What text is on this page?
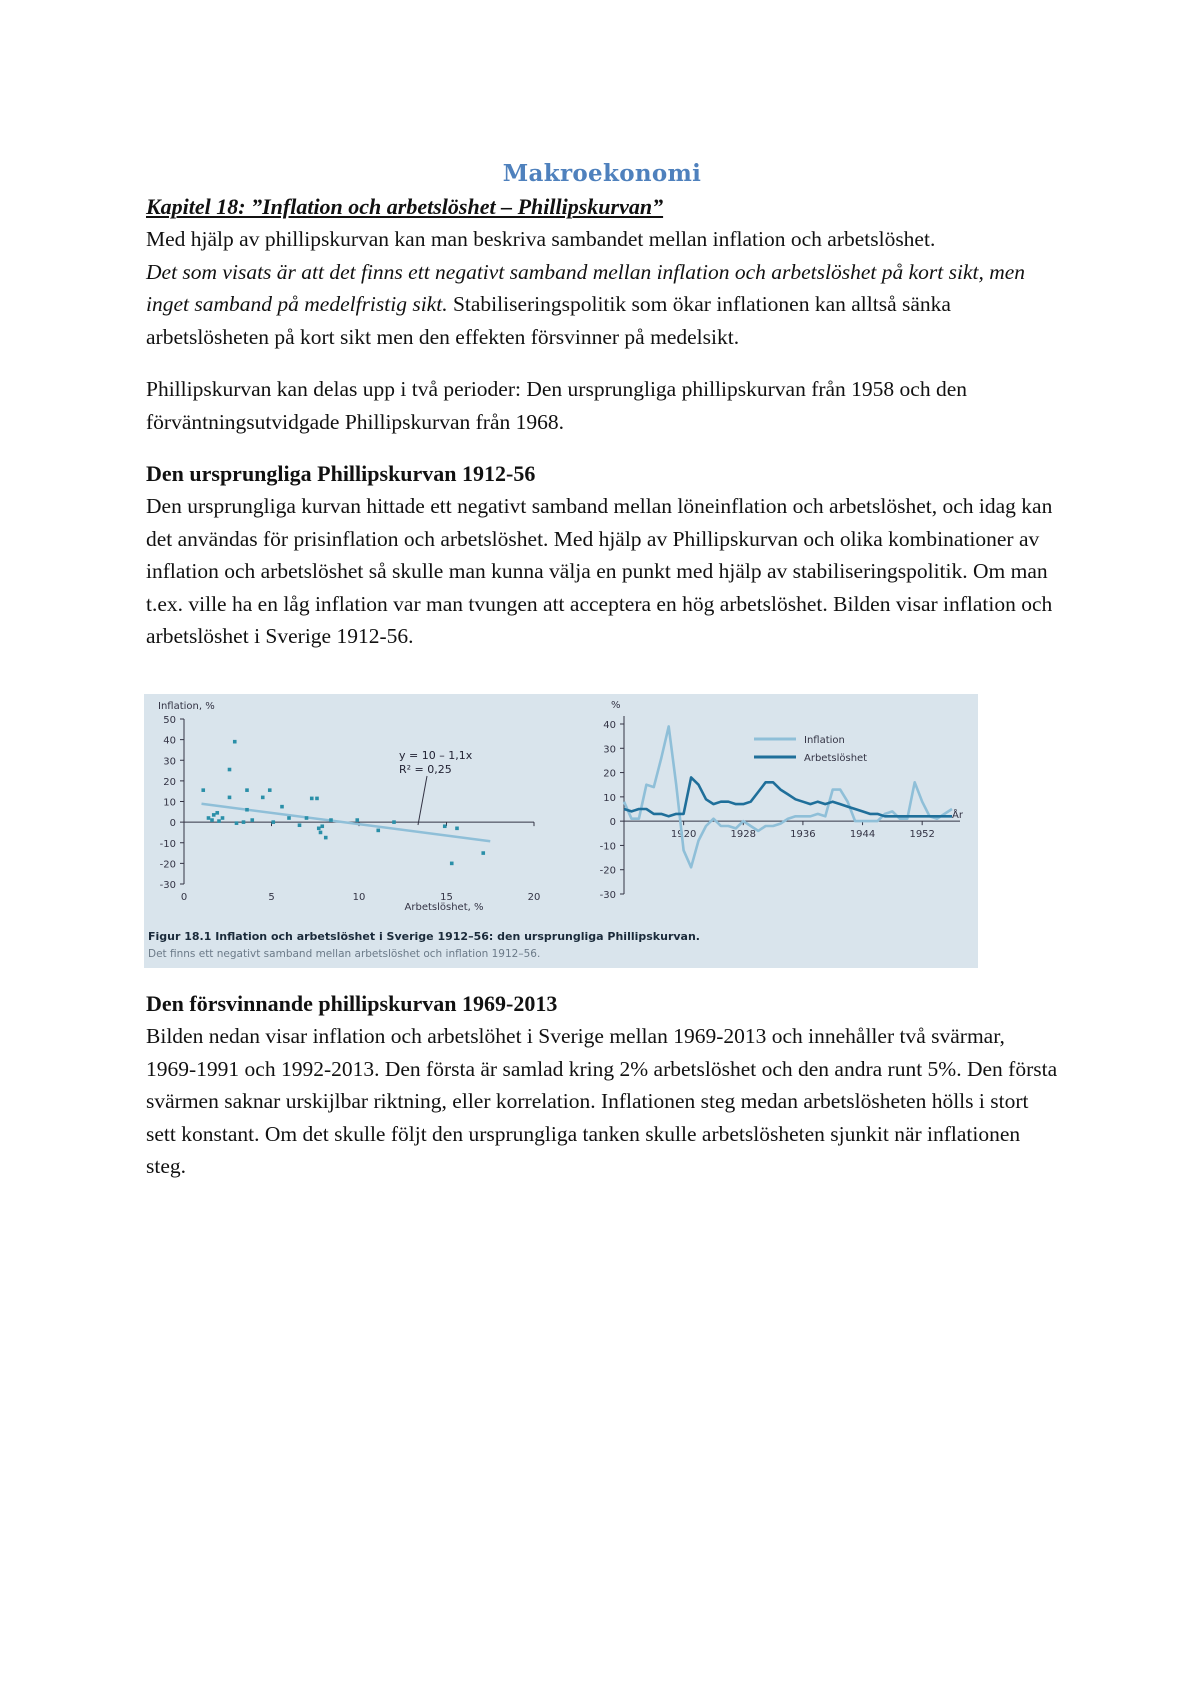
Makroekonomi

Kapitel 18: ”Inflation och arbetslöshet – Phillipskurvan”

Med hjälp av phillipskurvan kan man beskriva sambandet mellan inflation och arbetslöshet.
Det som visats är att det finns ett negativt samband mellan inflation och arbetslöshet på kort sikt, men inget samband på medelfristig sikt. Stabiliseringspolitik som ökar inflationen kan alltså sänka arbetslösheten på kort sikt men den effekten försvinner på medelsikt.

Phillipskurvan kan delas upp i två perioder: Den ursprungliga phillipskurvan från 1958 och den förväntningsutvidgade Phillipskurvan från 1968.

Den ursprungliga Phillipskurvan 1912-56

Den ursprungliga kurvan hittade ett negativt samband mellan löneinflation och arbetslöshet, och idag kan det användas för prisinflation och arbetslöshet. Med hjälp av Phillipskurvan och olika kombinationer av inflation och arbetslöshet så skulle man kunna välja en punkt med hjälp av stabiliseringspolitik. Om man t.ex. ville ha en låg inflation var man tvungen att acceptera en hög arbetslöshet. Bilden visar inflation och arbetslöshet i Sverige 1912-56.

Inflation, %
Arbetslöshet, %
y = 10 – 1,1x
R² = 0,25
50
40
30
20
10
0
-10
-20
-30
0	5	10	15	20
%
År
Inflation
Arbetslöshet
40
30
20
10
0
-10
-20
-30
1920	1928	1936	1944	1952
Figur 18.1 Inflation och arbetslöshet i Sverige 1912–56: den ursprungliga Phillipskurvan.
Det finns ett negativt samband mellan arbetslöshet och inflation 1912–56.
Den försvinnande phillipskurvan 1969-2013

Bilden nedan visar inflation och arbetslöhet i Sverige mellan 1969-2013 och innehåller två svärmar, 1969-1991 och 1992-2013. Den första är samlad kring 2% arbetslöshet och den andra runt 5%. Den första svärmen saknar urskijlbar riktning, eller korrelation. Inflationen steg medan arbetslösheten hölls i stort sett konstant. Om det skulle följt den ursprungliga tanken skulle arbetslösheten sjunkit när inflationen steg.
